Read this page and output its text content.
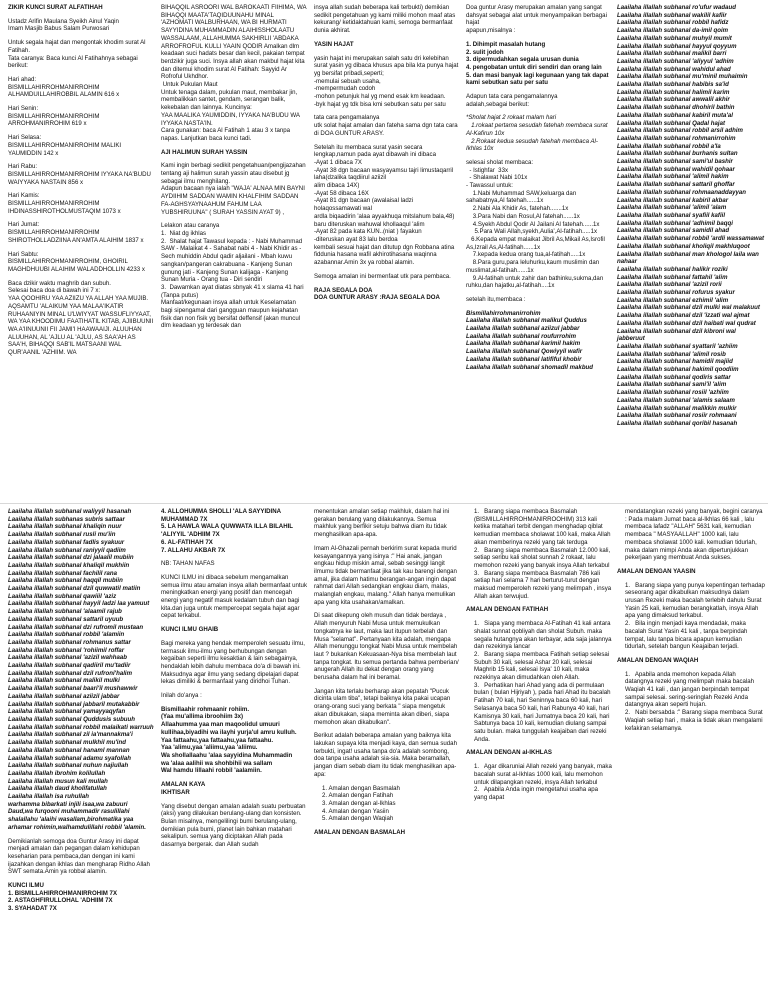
ZIKIR KUNCI SURAT ALFATIHAH
Ustadz Arifin Maulana Syeikh Ainul Yaqin
Imam Masjib Babus Salam Purwosari
Untuk segala hajat dan mengontak khodim surat Al Fatihah.
Tata caranya: Baca kunci Al Fatihahnya sebagai berikut:
Hari ahad:
BISMILLAHIRROHMANIRROHIM
ALHAMDUILLAHIROBBIL ALAMIN 616 x
Hari Senin:
BISMILLAHIRROHMANIRROHIM
ARROHMANIRROHIM 619 x
Hari Selasa:
BISMILLAHIRROHMANIRROHIM MALIKI YAUMIDDIN 142 x
Hari Rabu:
BISMILLAHIRROHMANIRROHIM IYYAKA NA'BUDU WAIYYAKA NASTAIN 856 x
Hari Kamis:
BISMILLAHIRROHMANIRROHIM IHDINASSHIROTHOLMUSTAQIM 1073 x
Hari Jumat:
BISMILLAHIRROHMANIRROHIM SHIROTHOLLADZIINA AN'AMTA ALAIHIM 1837 x
Hari Sabtu:
BISMILLAHIRROHMANIRROHIM, GHOIRIL MAGHDHUUBI ALAIHIM WALADDHOLLIN 4233 x
Baca dzikir waktu maghrib dan subuh.
Selesai baca doa di bawah ini 7 x:
YAA QOOHIRU YAA AZIIZU YA ALLAH YAA MUJIB. AQSAMTU 'ALAIKUM YAA MALAA'IKATIR RUHAANIYIN MINAL U'LWIYYAT WASSUFLIYYAAT, WA YAA KHOODIMU FAATIHATIL KITAB, AJIIBUUNII WA A'IINUUNII FII JAMI'I HAAWAAIJI. ALUUHAN ALUUHAN, AL 'AJLU AL 'AJLU, AS SAA'AH AS SAA'H, BIHAQQI SAB'IL MATSAANI WAL QUR'AANIL 'AZHIIM. WA
BIHAQQIL ASROORI WAL BAROKAATI FIIHIMA, WA BIHAQQI MAATA'TAQIDUUNAHU MINAL 'AZHOMATI WALBURHAAN, WA BI HURMATI SAYYIDINA MUHAMMADIN ALAIHISSHOLAATU WASSALAAM, ALLAHUMMA SAKHIRLII 'ABDAKA ARROFROFUL KULLI YAAIN QODIR Amalkan dlm keadaan suci hadats besar dan kecil, pakaian tempat berdzikir juga suci. Insya allah akan makbul hajat kita dan ditemui khodim surat Al Fatihah: Sayyid Ar Rofroful Ukhdhor.
Untuk Pukulan Maut
Untuk tenaga dalam, pukulan maut, membakar jin, membalikkan santet, gendam, serangan balik, kekebalan dan lainnya. Kuncinya:
YAA MAALIKA YAUMIDDIN, IYYAKA NA'BUDU WA IYYAKA NASTA'IN.
Cara gunakan: baca Al Fatihah 1 atau 3 x tanpa napas. Lanjutkan baca kunci tadi.
AJI HALIMUN SURAH YASSIN
Kami ingin berbagi sedikit pengetahuan/pengijazahan tentang aji halimun surah yassin atau disebut jg sebagai ilmu menghilang.
Adapun bacaan nya ialah "WAJA' ALNAA MIN BAYNI AYDIIHIM SADDAN WAMIN KHALFIHIM SADDAN FA-AGHSYAYNAAHUM FAHUM LAA YUBSHIRUUNA" ( SURAH YASSIN AYAT 9) ,
Lelakon atau caranya
1.  Niat dg ikhlas
2.  Shalat hajat Tawasul kepada : - Nabi Muhammad SAW - Malaikat 4 - Sahabat nabi 4 - Nabi Khidir as - Sech muhiddin Abdul qadir aljailani - Mbah kuwu sangkan/pangeran cakrabuana - Kanjeng Sunan gunung jati - Kanjeng Sunan kalijaga - Kanjeng Sunan Muria - Orang tua - Diri sendiri
3.  Dawamkan ayat diatas sbnyak 41 x slama 41 hari (Tanpa putus)
Manfaat/kegunaan insya allah untuk Keselamatan bagi sipengamal dari gangguan maupun kejahatan fisik dan non fisik yg bersifat deffensif (akan muncul dlm keadaan yg terdesak dan
insya allah sudah beberapa kali terbukti) demikian sedikit pengetahuan yg kami miliki mohon maaf atas kekurang/ ketidaktahuan kami, semoga bermanfaat dunia akhirat.
YASIN HAJAT
yasin hajat ini merupakan salah satu dri kelebihan surat yasin yg dibaca khusus apa bila kta punya hajat yg bersifat pribadi,seperti;
-memulai sebuah usaha,
-mempermudah codoh
-mohon petunjuk hal yg mend esak km keadaan.
-byk hajat yg tdk bisa kmi sebutkan satu per satu
tata cara pengamalanya
utk solat hajat amalan dan fateha sama dgn tata cara di DOA GUNTUR ARASY.
Setelah itu membaca surat yasin secara lengkap,namun pada ayat dibawah ini dibaca
-Ayat 1 dibaca 7X
-Ayat 38 dgn bacaan wasyayamsu tajri limustaqarril laha(dzalika taqdiirul aziizil
alim dibaca 14X)
-Ayat 58 dibaca 16X
-Ayat 81 dgn bacaan (awalaisal ladzi holaqossamawati wal
ardla biqaadirin 'alaa ayyakhuqa mitslahum bala,48)
baru diteruskan wahuwal khollaaqul 'alim
-Ayat 82 pada kata KUN..(niat ) fayakun
-diteruskan ayat 83 lalu berdoa
kembali sesuai hajat dan ditutup dgn Robbana atina fiddunia hasana wafil akhirotihasana waqinna azabannar.Amin 3x ya robbal alamin.
Semoga amalan ini bermenfaat utk para pembaca.
RAJA SEGALA DOA
DOA GUNTUR ARASY :RAJA SEGALA DOA
Doa guntur Arasy merupakan amalan yang sangat dahsyat sebagai alat untuk menyampaikan berbagai hajat
apapun,misalnya :
1. Dihimpit masalah hutang
2. sulit jodoh
3. dipermudahkan segala urusan dunia
4. pengobatan untuk diri sendiri dan orang lain
5. dan masi banyak lagi kegunaan yang tak dapat kami sebutkan satu per satu
Adapun tata cara pengamalannya
adalah,sebagai berikut:
*Sholat hajat 2 rokaat malam hari
1.rokaat pertama sesudah fatehah membaca surat Al-Kafirun 10x
2.Rokaat kedua sesudah fatehah membaca Al-Ikhlas 10x
selesai sholat membaca:
- Istighfar  33x
- Shalawat Nabi 101x
- Tawassul untuk:
1.Nabi Muhammad SAW,keluarga dan sahabatnya,Al fatehah......1x
2.Nabi Ala Khidir As, fatehah.......1x
3.Para Nabi dan Rosul,Al fatehah......1x
4.Syekh Abdul Qodir Al Jailani Al fatehah......1x
5.Para Wali Allah,syekh,Aulia',Al-fatihah.....1x
6.Kepada empat malaikat Jibril As,Mikail As,Isrofil As,Izrail As,Al-fatihah......1x
7.kepada kedua orang tua,al-fatihah.....1x
8.Para guru,para leluhurku,kaum muslimin dan muslimat,al-fatihah......1x
9.Al-fatihah untuk zahir dan bathinku,sukma,dan ruhku,dan hajatku,al-fatihah....1x
setelah itu,membaca :
Bismillahirrohmanirrohim
Laailaha illallah subhanal malikul Quddus
Laailaha illallah subhanal aziizul jabbar
Laailaha illallah subhanal roufurrohim
Laailaha illallah subhanal karimil hakim
Laailaha illallah subhanal Qowiyyil wafir
Laailaha illallah subhanal latififul khobir
Laailaha illallah subhanal shomadil makbud
Laailaha illallah subhanal ro'ufur wadaud
Laailaha illallah subhanal wakilil kafiir
Laailaha illallah subhanal robbil hafidz
Laailaha illallah subhanal da-imil qoim
Laailaha illallah subhanal muhyil mumit
Laailaha illallah subhanal hayyul qoyyum
Laailaha illallah subhanal malikil barri
Laailaha illallah subhanal 'aliyyul 'adhim
Laailaha illallah subhanal wahidul ahad
Laailaha illallah subhanal mu'minil muhaimin
Laailaha illallah subhanal habibis sa'id
Laailaha illallah subhanal halimil karim
Laailaha illallah subhanal awwalil akhir
Laailaha illallah subhanal dhohiril bathin
Laailaha illallah subhanal kabiril muta'al
Laailaha illallah subhanal Qadal hajat
Laailaha illallah subhanal robbil arsil adhim
Laailaha illallah subhanal rohmanirrohim
Laailaha illallah subhanal robbil a'la
Laailaha illallah subhanal burhanis sultan
Laailaha illallah subhanal sami'ul bashir
Laailaha illallah subhanal wahidil qohaar
Laailaha illallah subhanal 'alimil hakim
Laailaha illallah subhanal sattaril ghoffar
Laailaha illallah subhanal rohmaanaddayyan
Laailaha illallah subhanal kabiril akbar
Laailaha illallah subhanal 'alimil 'alam
Laailaha illallah subhanal syafiil kafiil
Laailaha illallah subhanal 'adhimil baqqi
Laailaha illallah subhanal samidil ahad
Laailaha illallah subhanal robbil 'ardli wassamawat
Laailaha illallah subhanal kholiqil makhluqoot
Laailaha illallah subhanal man khologol laila wan nahaar
Laailaha illallah subhanal halikir roziki
Laailaha illallah subhanal fattahil 'alim
Laailaha illallah subhanal 'azizil rorii
Laailaha illallah subhanal rofurus syakur
Laailaha illallah subhanal ezhimil 'alim
Laailaha illallah subhanal dzil mulki wal malakuut
Laailaha illallah subhanal dzil 'izzati wal ajmat
Laailaha illallah subhanal dzil haibati wal qudrat
Laailaha illallah subhanal dzil kibroni wal jabberuut
Laailaha illallah subhanal syattaril 'azhiim
Laailaha illallah subhanal 'alimil rosib
Laailaha illallah subhanal hamidil majiid
Laailaha illallah subhanal hakimil qoodiim
Laailaha illallah subhanal qodiris sattar
Laailaha illallah subhanal sami'il 'alim
Laailaha illallah subhanal rosiil 'azhiim
Laailaha illallah subhanal 'alamis salaam
Laailaha illallah subhanal malikkin mulkir
Laailaha illallah subhanal rosiir rohmaani
Laailaha illallah subhanal qoribil hasanah
Laailaha illallah subhanal waliyyil hasanah
Laailaha illallah subhanas subris sattaar
Laailaha illallah subhanal khaliqin nuur
Laailaha illallah subhanal rusli mu'iin
Laailaha illallah subhanal fadlis syakuur
Laailaha illallah subhanal raniyyil qadiim
Laailaha illallah subhanal dzi jalaalil mubiin
Laailaha illallah subhanal khaliqil mukhiin
Laailaha illallah subhanal fachilil rana
Laailaha illallah subhanal haqqil mubiin
Laailaha illallah subhanal dzil quwwatil matiin
Laailaha illallah subhanal qawiiil 'aziz
Laailaha illallah subhanal hayyil ladzi laa yamuut
Laailaha illallah subhanal 'alaamil rajub
Laailaha illallah subhanal sattaril uyuub
Laailaha illallah subhanal dzi rufromil mustaan
Laailaha illallah subhanal robbil 'alamiin
Laailaha illallah subhanal rohmanus sattar
Laailaha illallah subhanal 'rohiimil roffar
Laailaha illallah subhanal 'azizil wahhaab
Laailaha illallah subhanal qadiiril mu'tadiir
Laailaha illallah subhanal dzil rufroni'halim
Laailaha illallah subhanal malikil mulki
Laailaha illallah subhanal baari'il mushawwir
Laailaha illallah subhanal aziizil jabbar
Laailaha illallah subhanal jabbaril mutakabbir
Laailaha illallah subhanal yamayyaqyfan
Laailaha illallah subhanal Quddusis subuuh
Laailaha illallah subhanal robbil malaikati warruuh
Laailaha illallah subhanal zil ia'mannakma'i
Laailaha illallah subhanal mulkhil mu'ind
Laailaha illallah subhanal hanaml mannan
Laailaha illallah subhanal adamu syafollah
Laailaha illallah subhanal nuhun najiullah
Laailaha illallah ibrohim kolilullah
Laailaha illallah musun kali mullah
Laailaha illallah daud kholifatullah
Laailaha illallah isa ruhullah
warhamma bibarkati injili isaa,wa zabuuri Daud,wa furqooni muhammadir rasulillahi shalallahu 'alaihi wasallam,birohmatika yaa arhamar rohimin,walhamdulillahi robbil 'alamin.
Demikianlah semoga doa Guntur Arasy ini dapat menjadi amalan dan pegangan dalam kehidupan keseharian para pembaca,dan dengan ini kami ijazahkan dengan ikhlas dan mengharap Ridho Allah SWT semata.Amin ya robbal alamin.
KUNCI ILMU
1. BISMILLAHIRROHMANIRROHIM 7X
2. ASTAGHFIRULLOHAL 'ADHIIM 7X
3. SYAHADAT 7X
4. ALLOHUMMA SHOLLI 'ALA SAYYIDINA MUHAMMAD 7X
5. LA HAWLA WALA QUWWATA ILLA BILAHIL 'ALIYYIL 'ADHIIM 7X
6. AL-FATIHAH 7X
7. ALLAHU AKBAR 7X
NB: TAHAN NAFAS
KUNCI ILMU ini dibaca sebelum mengamalkan semua ilmu atau amalan insya allah bermanfaat untuk meningkatkan energi yang positif dan mencegah energi yang negatif masuk kedalam tubuh dan bagi kita.dan juga untuk mempercepat segala hajat agar cepat terkabul.
KUNCI ILMU GHAIB
Bagi mereka yang hendak memperoleh sesuatu ilmu, termasuk ilmu-ilmu yang berhubungan dengan kegaiban seperti ilmu kesaktian & lain sebagainya, hendaklah lebih dahulu membaca do'a di bawah ini. Maksudnya agar ilmu yang sedang dipelajari dapat lekas dimiliki & bermanfaat yang diridhoi Tuhan.
Inilah do'anya :
Bismillaahir rohmaanir rohiim.
(Yaa mu'allima ibroohiim 3x)
Allaahumma yaa man maqoolidul umuuri kullihaa,biyadihi wa ilayhi yurja'ul amru kulluh.
Yaa fattaahu,yaa fattaahu,yaa fattaahu.
Yaa 'alimu,yaa 'aliimu,yaa 'aliimu.
Wa shollallaahu 'alaa sayyidina Muhammadin
wa 'alaa aalihii wa shohbihii wa sallam
Wal hamdu lillaahi robbil 'aalamiin.
AMALAN KAYA
IKHTISAR
Yang disebut dengan amalan adalah suatu perbuatan (aksi) yang dilakukan berulang-ulang dan konsisten. Bulan misalnya, mengelilingi bumi berulang-ulang, demikian pula bumi, planet lain bahkan matahari sekalipun. semua yang diciptakan Allah pada dasarnya bergerak. dan Allah sudah
menentukan amalan setiap makhluk, dalam hal ini gerakan berulang yang dilakukannya. Semua makhluk yang berfikir setuju bahwa diam itu tidak menghasilkan apa-apa.
Imam Al-Ghazali pernah berkirim surat kepada murid kesayangannya yang isinya :" Hai anak, jangan engkau hidup miskin amal, sebab sesinggi langit ilmumu tidak bermanfaat jika tak kau barengi dengan amal, jika dalam hatimu berangan-angan ingin dapat rahmat dari Allah sedangkan engkau diam, malas, malanglah engkau, malang." Allah hanya memulikan apa yang kita usahakan/amalkan.
Di saat dikepung oleh musuh dan tidak berdaya , Allah menyuruh Nabi Musa untuk memukulkan tongkatnya ke laut, maka laut itupun terbelah dan Musa "selamat". Pertanyaan kita adalah, mengapa Allah menunggu tongkat Nabi Musa untuk membelah laut ? bukankan Kekuasaan-Nya bisa membelah laut tanpa tongkat. Itu semua pertanda bahwa pemberian/ anugerah Allah itu dekat dengan orang yang berusaha dalam hal ini beramal.
Jangan kita terlalu berharap akan pepatah "Pucuk dicinta ulam tiba", tetapi baiknya kita pakai ucapan orang-orang suci yang berkata " siapa mengetuk akan dibukakan, siapa meminta akan diberi, siapa memohon akan dikabulkan".
Berikut adalah beberapa amalan yang baiknya kita lakukan supaya kita menjadi kaya, dan semua sudah terbukti, ingat! usaha tanpa do'a adalah sombong, doa tanpa usaha adalah sia-sia. Maka beramallah, jangan diam sebab diam itu tidak menghasilkan apa-apa:
1. Amalan dengan Basmalah
2. Amalan dengan Fatihah
3. Amalan dengan al-Ikhlas
4. Amalan dengan Yasiin
5. Amalan dengan Waqiah
AMALAN DENGAN BASMALAH
1.   Barang siapa membaca Basmalah (BISMILLAHIRROHMANIRROOHIM) 313 kali ketika matahari terbit dengan menghadap qiblat kemudian membaca sholawat 100 kali, maka Allah akan memberinya rezeki yang tak terduga
2.   Barang siapa membaca Basmalah 12.000 kali, setiap seribu kali sholat sunnah 2 rokaat, lalu memohon rezeki yang banyak insya Allah terkabul
3.   Barang siapa membaca Basmalah 786 kali setiap hari selama 7 hari berturut-turut dengan maksud memperoleh rezeki yang melimpah , insya Allah akan terwujud.
AMALAN DENGAN FATIHAH
1.   Siapa yang membaca Al-Fatihah 41 kali antara shalat sunnat qobliyah dan sholat Subuh. maka segala hutangnya akan terbayar, ada saja jalannya dan rezekinya lancar
2.   Barang siapa membaca Fatihah setiap selesai Subuh 30 kali, selesai Ashar 20 kali, selesai Maghrib 15 kali, selesai Isya' 10 kali, maka rezekinya akan dimudahkan oleh Allah.
3.   Perhatikan hari Ahad yang ada di permulaan bulan ( bulan Hijriyah ), pada hari Ahad itu bacalah Fatihah 70 kali, hari Seninnya baca 60 kali, hari Selasanya baca 50 kali, hari Rabunya 40 kali, hari Kamisnya 30 kali, hari Jumatnya baca 20 kali, hari Sabtunya baca 10 kali, kemudian diulang sampai satu bulan. maka tunggulah keajaiban dari rezeki Anda.
AMALAN DENGAN al-IKHLAS
1.   Agar dikaruniai Allah rezeki yang banyak, maka bacalah surat al-Ikhlas 1000 kali, lalu memohon untuk dilapangkan rezeki, insya Allah terkabul
2.   Apabila Anda ingin mengetahui usaha apa yang dapat
mendatangkan rezeki yang banyak, begini caranya : Pada malam Jumat baca al-Ikhlas 66 kali , lalu membaca lafadz "ALLAH" 5631 kali, kemudian membaca " MASYAALLAH" 1000 kali, lalu membaca sholawat 1000 kali. kemudian tidurlah, maka dalam mimpi Anda akan dipertunjukkan pekerjaan yang membuat Anda sukses.
AMALAN DENGAN YAASIN
1.   Barang siapa yang punya kepentingan terhadap seseorang agar dikabulkan maksudnya dalam urusan Rezeki maka bacalah terlebih dahulu Surat Yasin 25 kali, kemudian berangkatlah, insya Allah apa yang dimaksud terkabul.
2.   Bila ingin menjadi kaya mendadak, maka bacalah Surat Yasin 41 kali , tanpa berpindah tempat, lalu tanpa bicara apapun kemudian tidurlah, setelah bangun Keajaiban terjadi.
AMALAN DENGAN WAQIAH
1.   Apabila anda memohon kepada Allah datangnya rezeki yang melimpah maka bacalah Waqiah 41 kali , dan jangan berpindah tempat sampai selesai. sering-seringlah Rezeki Anda datangnya akan seperti hujan.
2.   Nabi bersabda :" Barang siapa membaca Surat Waqiah setiap hari , maka ia tidak akan mengalami kefakiran selamanya.
